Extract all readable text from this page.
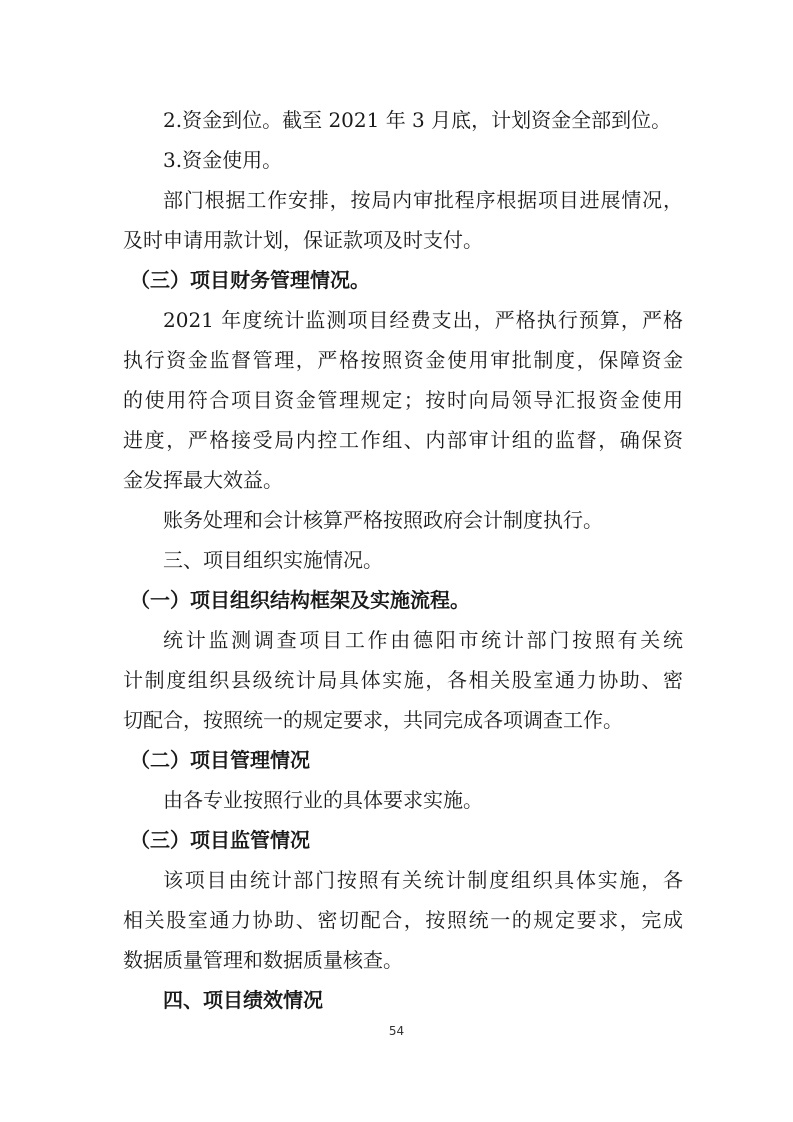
2.资金到位。截至 2021 年 3 月底，计划资金全部到位。
3.资金使用。
部门根据工作安排，按局内审批程序根据项目进展情况，
及时申请用款计划，保证款项及时支付。
（三）项目财务管理情况。
2021 年度统计监测项目经费支出，严格执行预算，严格
执行资金监督管理，严格按照资金使用审批制度，保障资金
的使用符合项目资金管理规定；按时向局领导汇报资金使用
进度，严格接受局内控工作组、内部审计组的监督，确保资
金发挥最大效益。
账务处理和会计核算严格按照政府会计制度执行。
三、项目组织实施情况。
（一）项目组织结构框架及实施流程。
统计监测调查项目工作由德阳市统计部门按照有关统
计制度组织县级统计局具体实施，各相关股室通力协助、密
切配合，按照统一的规定要求，共同完成各项调查工作。
（二）项目管理情况
由各专业按照行业的具体要求实施。
（三）项目监管情况
该项目由统计部门按照有关统计制度组织具体实施，各
相关股室通力协助、密切配合，按照统一的规定要求，完成
数据质量管理和数据质量核查。
四、项目绩效情况
54
